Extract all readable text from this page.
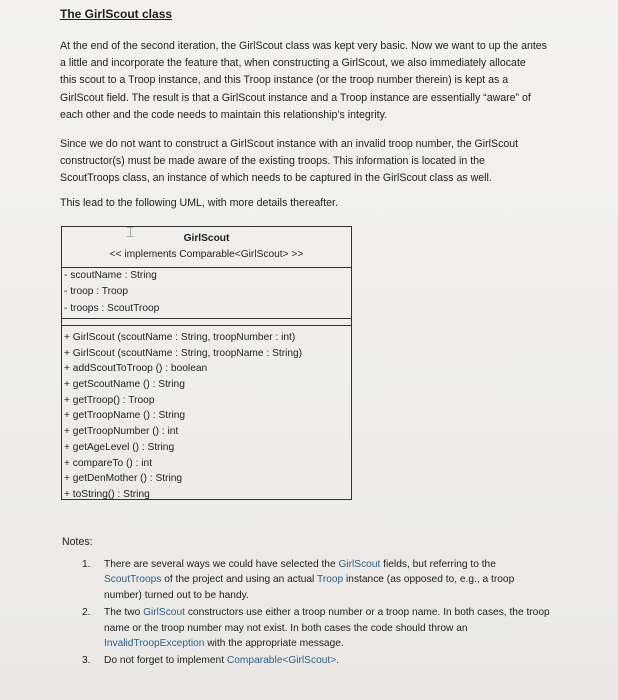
The GirlScout class
At the end of the second iteration, the GirlScout class was kept very basic. Now we want to up the antes
a little and incorporate the feature that, when constructing a GirlScout, we also immediately allocate
this scout to a Troop instance, and this Troop instance (or the troop number therein) is kept as a
GirlScout field. The result is that a GirlScout instance and a Troop instance are essentially “aware” of
each other and the code needs to maintain this relationship’s integrity.
Since we do not want to construct a GirlScout instance with an invalid troop number, the GirlScout
constructor(s) must be made aware of the existing troops. This information is located in the
ScoutTroops class, an instance of which needs to be captured in the GirlScout class as well.
This lead to the following UML, with more details thereafter.
⌶	GirlScout
<< implements Comparable<GirlScout> >>
- scoutName : String
- troop : Troop
- troops : ScoutTroop
+ GirlScout (scoutName : String, troopNumber : int)
+ GirlScout (scoutName : String, troopName : String)
+ addScoutToTroop () : boolean
+ getScoutName () : String
+ getTroop() : Troop
+ getTroopName () : String
+ getTroopNumber () : int
+ getAgeLevel () : String
+ compareTo () : int
+ getDenMother () : String
+ toString() : String
Notes:
1. There are several ways we could have selected the GirlScout fields, but referring to the ScoutTroops of the project and using an actual Troop instance (as opposed to, e.g., a troop number) turned out to be handy.
2. The two GirlScout constructors use either a troop number or a troop name. In both cases, the troop name or the troop number may not exist. In both cases the code should throw an InvalidTroopException with the appropriate message.
3. Do not forget to implement Comparable<GirlScout>.
